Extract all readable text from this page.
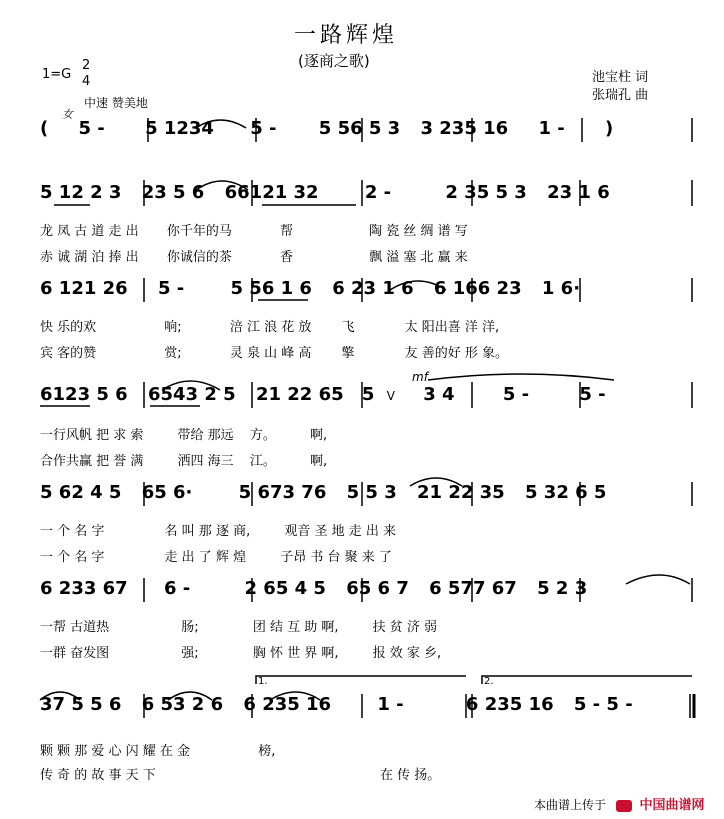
一路辉煌
(逐商之歌)
池宝柱 词
张瑞孔 曲
1=G
2
4
中速 赞美地
女
( 5 - 5 1234 5 - 5 56 5 3 3 235 16 1 - )
5 12 2 3 23 5 6 66121 32	2 -	2 35 5 3 23 1 6
龙 凤 古 道 走 出 你千年的马	帮	陶 瓷 丝 绸 谱 写
赤 诚 湖 泊 捧 出 你诚信的茶	香	飘 溢 塞 北 赢 来
6 121 26 5 -	5 56 1 6 6 23 1 6 6 166 23 1 6·
快 乐的欢	响;	涪 江 浪 花 放 飞	太 阳出喜 洋 洋,
宾 客的赞	赏;	灵 泉 山 峰 高 擎	友 善的好 形 象。
6123 5 6 6543 2 5 21 22 65 5 V 3 4	5 -	5 -
mf
一行风帆 把 求 索	带给 那远 方。	啊,
合作共赢 把 誉 满	洒四 海三 江。	啊,
5 62 4 5 65 6·	5 673 76 5 5 3 21 22 35 5 32 6 5
一 个 名 字	名 叫 那 逐 商,	观音 圣 地 走 出 来
一 个 名 字	走 出 了 辉 煌	子昂 书 台 聚 来 了
6 233 67 6 -	2 65 4 5 65 6 7 6 577 67 5 2 3
一帮 古道热	肠;	团 结 互 助 啊,	扶 贫 济 弱
一群 奋发图	强;	胸 怀 世 界 啊,	报 效 家 乡,
1.	2.
37 5 5 6 6 53 2 6 6 235 16	1 -	6 235 16 5 - 5 -
颗 颗 那 爱 心 闪 耀 在 金	榜,
传 奇 的 故 事 天 下	在 传 扬。
本曲谱上传于	中国曲谱网
